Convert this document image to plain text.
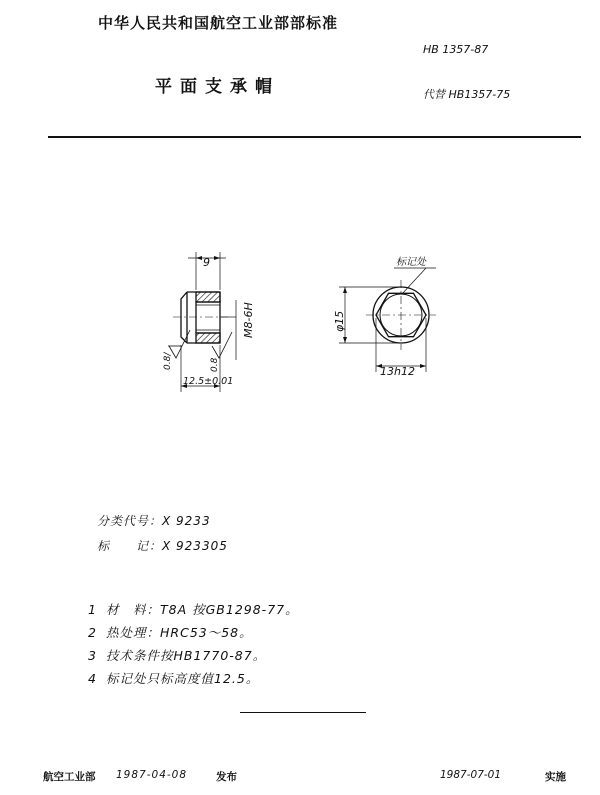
中华人民共和国航空工业部部标准
HB 1357-87
平面支承帽	代替 HB1357-75
9
12.5±0.01
M8-6H
0.8/	0.8
标记处
φ15
13h12
分类代号：X 9233
标　　记：X 923305
1 材　料：T8A 按GB1298-77。
2 热处理：HRC53～58。
3 技术条件按HB1770-87。
4 标记处只标高度值12.5。
航空工业部 1987-04-08	发布	1987-07-01	实施
